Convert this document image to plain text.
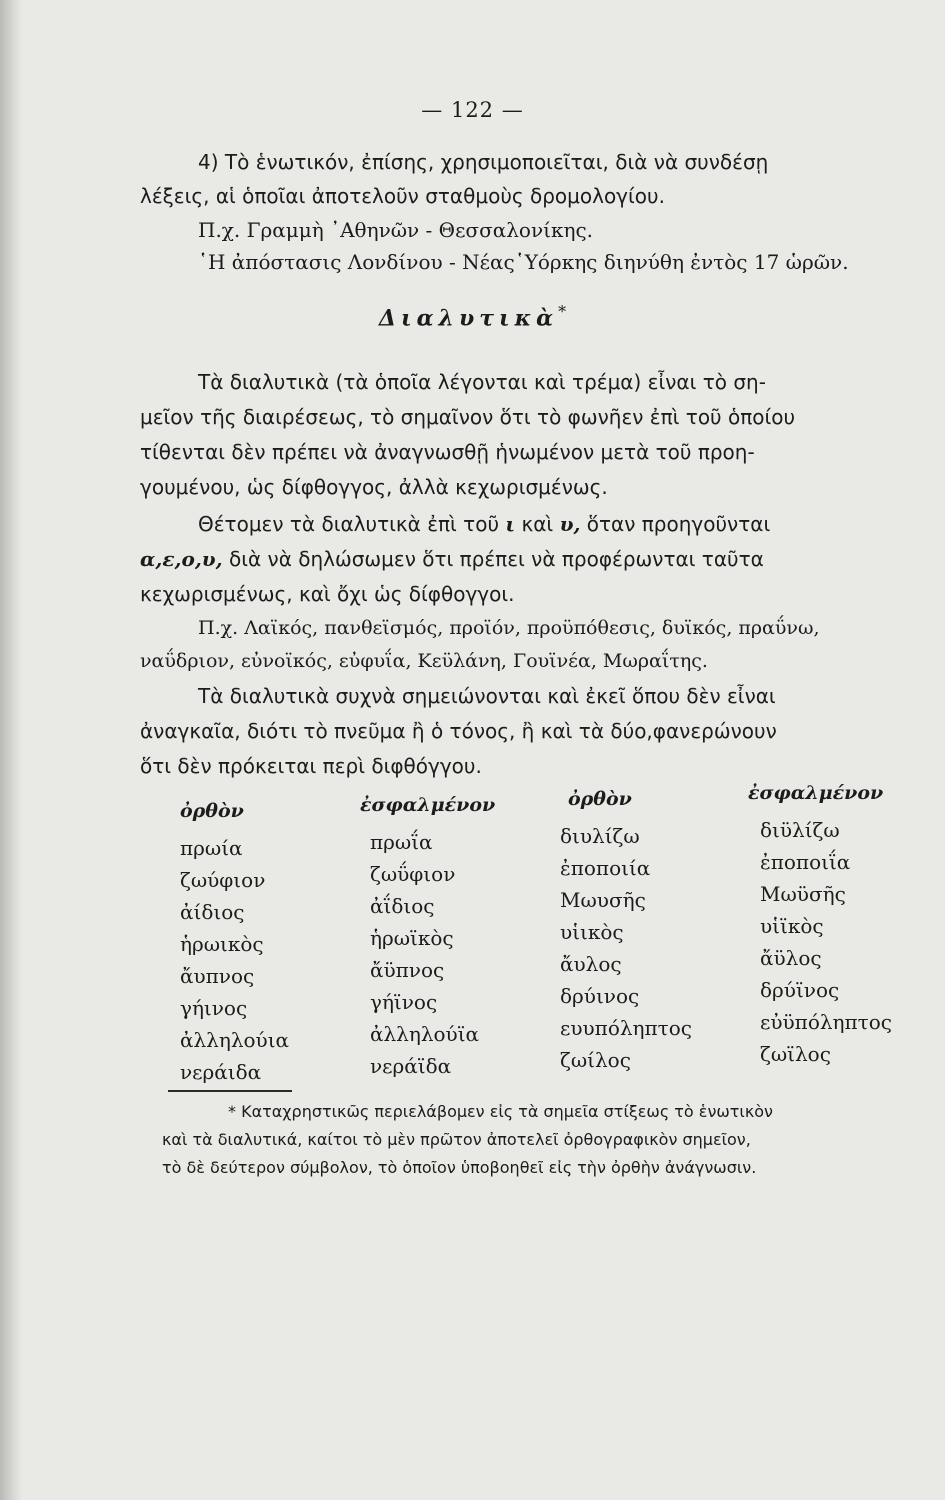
— 122 —
4) Τὸ ἑνωτικόν, ἐπίσης, χρησιμοποιεῖται, διὰ νὰ συνδέσῃ
λέξεις, αἱ ὁποῖαι ἀποτελοῦν σταθμοὺς δρομολογίου.
Π.χ. Γραμμὴ ᾽Αθηνῶν - Θεσσαλονίκης.
῾Η ἀπόστασις Λονδίνου - Νέας῾Υόρκης διηνύθη ἐντὸς 17 ὡρῶν.
Διαλυτικὰ*
Τὰ διαλυτικὰ (τὰ ὁποῖα λέγονται καὶ τρέμα) εἶναι τὸ ση-
μεῖον τῆς διαιρέσεως, τὸ σημαῖνον ὅτι τὸ φωνῆεν ἐπὶ τοῦ ὁποίου
τίθενται δὲν πρέπει νὰ ἀναγνωσθῇ ἡνωμένον μετὰ τοῦ προη-
γουμένου, ὡς δίφθογγος, ἀλλὰ κεχωρισμένως.
Θέτομεν τὰ διαλυτικὰ ἐπὶ τοῦ ι καὶ υ, ὅταν προηγοῦνται
α,ε,ο,υ, διὰ νὰ δηλώσωμεν ὅτι πρέπει νὰ προφέρωνται ταῦτα
κεχωρισμένως, καὶ ὄχι ὡς δίφθογγοι.
Π.χ. Λαϊκός, πανθεϊσμός, προϊόν, προϋπόθεσις, δυϊκός, πραΰνω,
ναΰδριον, εὐνοϊκός, εὐφυΐα, Κεϋλάνη, Γουϊνέα, Μωραΐτης.
Τὰ διαλυτικὰ συχνὰ σημειώνονται καὶ ἐκεῖ ὅπου δὲν εἶναι
ἀναγκαῖα, διότι τὸ πνεῦμα ἢ ὁ τόνος, ἢ καὶ τὰ δύο,φανερώνουν
ὅτι δὲν πρόκειται περὶ διφθόγγου.
ὀρθὸν	ἐσφαλμένον	ὀρθὸν	ἐσφαλμένον
πρωία	πρωΐα	διυλίζω	διϋλίζω
ζωύφιον	ζωΰφιον	ἐποποιία	ἐποποιΐα
ἀίδιος	ἀΐδιος	Μωυσῆς	Μωϋσῆς
ἡρωικὸς	ἡρωϊκὸς	υἱικὸς	υἱϊκὸς
ἄυπνος	ἄϋπνος	ἄυλος	ἄϋλος
γήινος	γήϊνος	δρύινος	δρύϊνος
ἀλληλούια	ἀλληλούϊα	ευυπόληπτος	εὐϋπόληπτος
νεράιδα	νεράϊδα	ζωίλος	ζωϊλος
* Καταχρηστικῶς περιελάβομεν εἰς τὰ σημεῖα στίξεως τὸ ἑνωτικὸν
καὶ τὰ διαλυτικά, καίτοι τὸ μὲν πρῶτον ἀποτελεῖ ὀρθογραφικὸν σημεῖον,
τὸ δὲ δεύτερον σύμβολον, τὸ ὁποῖον ὑποβοηθεῖ εἰς τὴν ὀρθὴν ἀνάγνωσιν.
